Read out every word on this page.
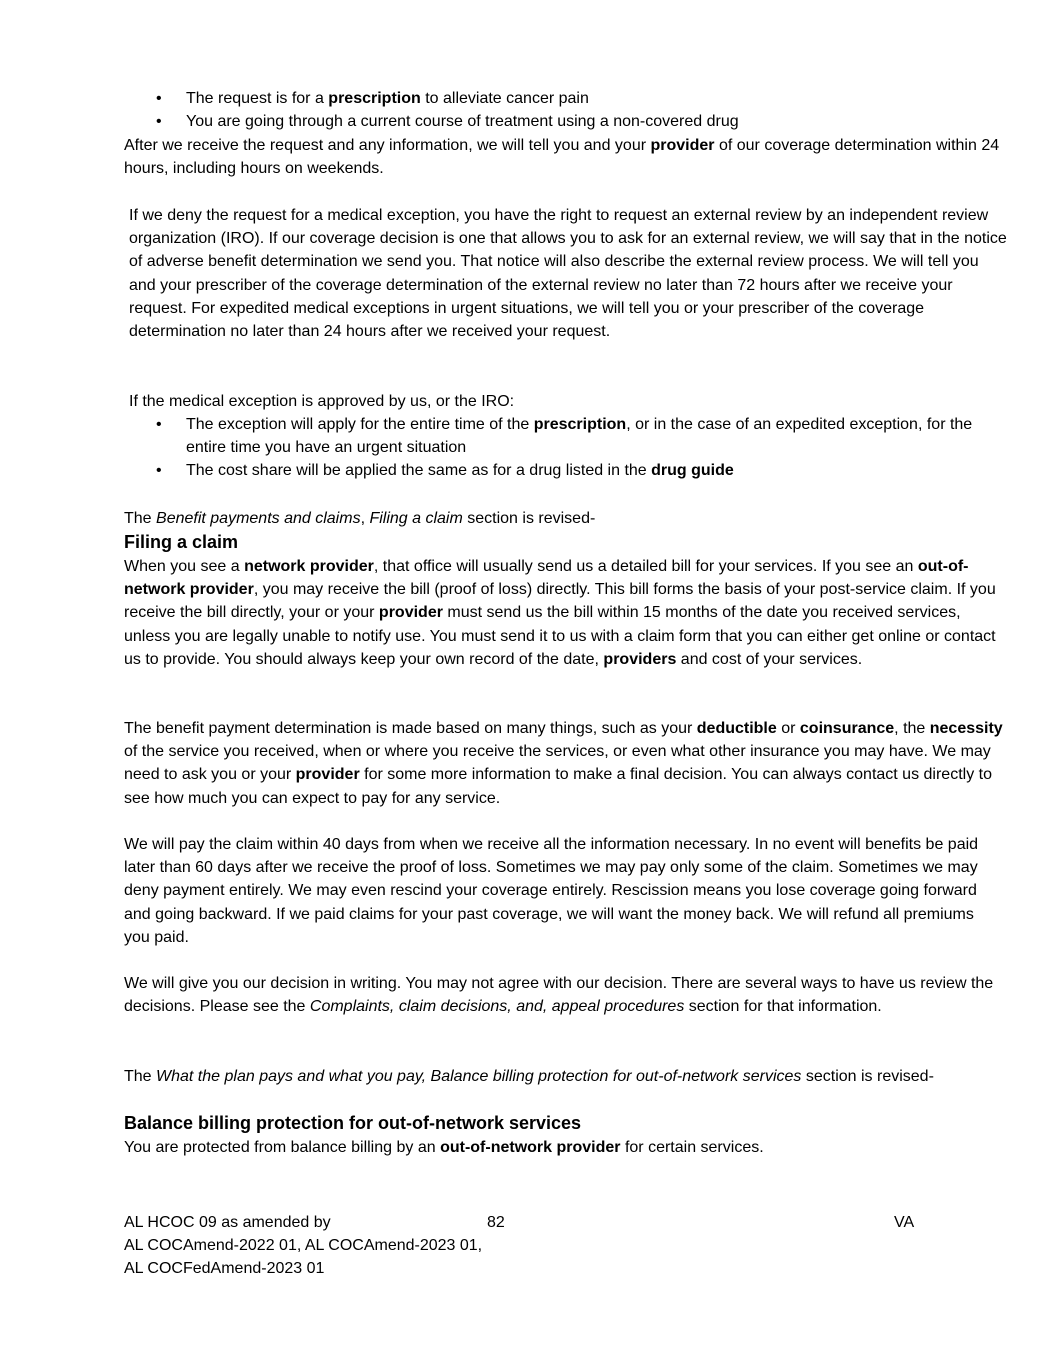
• The request is for a prescription to alleviate cancer pain
• You are going through a current course of treatment using a non-covered drug

After we receive the request and any information, we will tell you and your provider of our coverage determination within 24 hours, including hours on weekends.

If we deny the request for a medical exception, you have the right to request an external review by an independent review organization (IRO). If our coverage decision is one that allows you to ask for an external review, we will say that in the notice of adverse benefit determination we send you. That notice will also describe the external review process. We will tell you and your prescriber of the coverage determination of the external review no later than 72 hours after we receive your request. For expedited medical exceptions in urgent situations, we will tell you or your prescriber of the coverage determination no later than 24 hours after we received your request.

If the medical exception is approved by us, or the IRO:

• The exception will apply for the entire time of the prescription, or in the case of an expedited exception, for the entire time you have an urgent situation
• The cost share will be applied the same as for a drug listed in the drug guide

The Benefit payments and claims, Filing a claim section is revised-

Filing a claim

When you see a network provider, that office will usually send us a detailed bill for your services. If you see an out-of-network provider, you may receive the bill (proof of loss) directly. This bill forms the basis of your post-service claim. If you receive the bill directly, your or your provider must send us the bill within 15 months of the date you received services, unless you are legally unable to notify use. You must send it to us with a claim form that you can either get online or contact us to provide. You should always keep your own record of the date, providers and cost of your services.

The benefit payment determination is made based on many things, such as your deductible or coinsurance, the necessity of the service you received, when or where you receive the services, or even what other insurance you may have. We may need to ask you or your provider for some more information to make a final decision. You can always contact us directly to see how much you can expect to pay for any service.

We will pay the claim within 40 days from when we receive all the information necessary. In no event will benefits be paid later than 60 days after we receive the proof of loss. Sometimes we may pay only some of the claim. Sometimes we may deny payment entirely. We may even rescind your coverage entirely. Rescission means you lose coverage going forward and going backward. If we paid claims for your past coverage, we will want the money back. We will refund all premiums you paid.

We will give you our decision in writing. You may not agree with our decision. There are several ways to have us review the decisions. Please see the Complaints, claim decisions, and, appeal procedures section for that information.

The What the plan pays and what you pay, Balance billing protection for out-of-network services section is revised-

Balance billing protection for out-of-network services

You are protected from balance billing by an out-of-network provider for certain services.

AL HCOC 09 as amended by
AL COCAmend-2022 01, AL COCAmend-2023 01,
AL COCFedAmend-2023 01
82	VA
